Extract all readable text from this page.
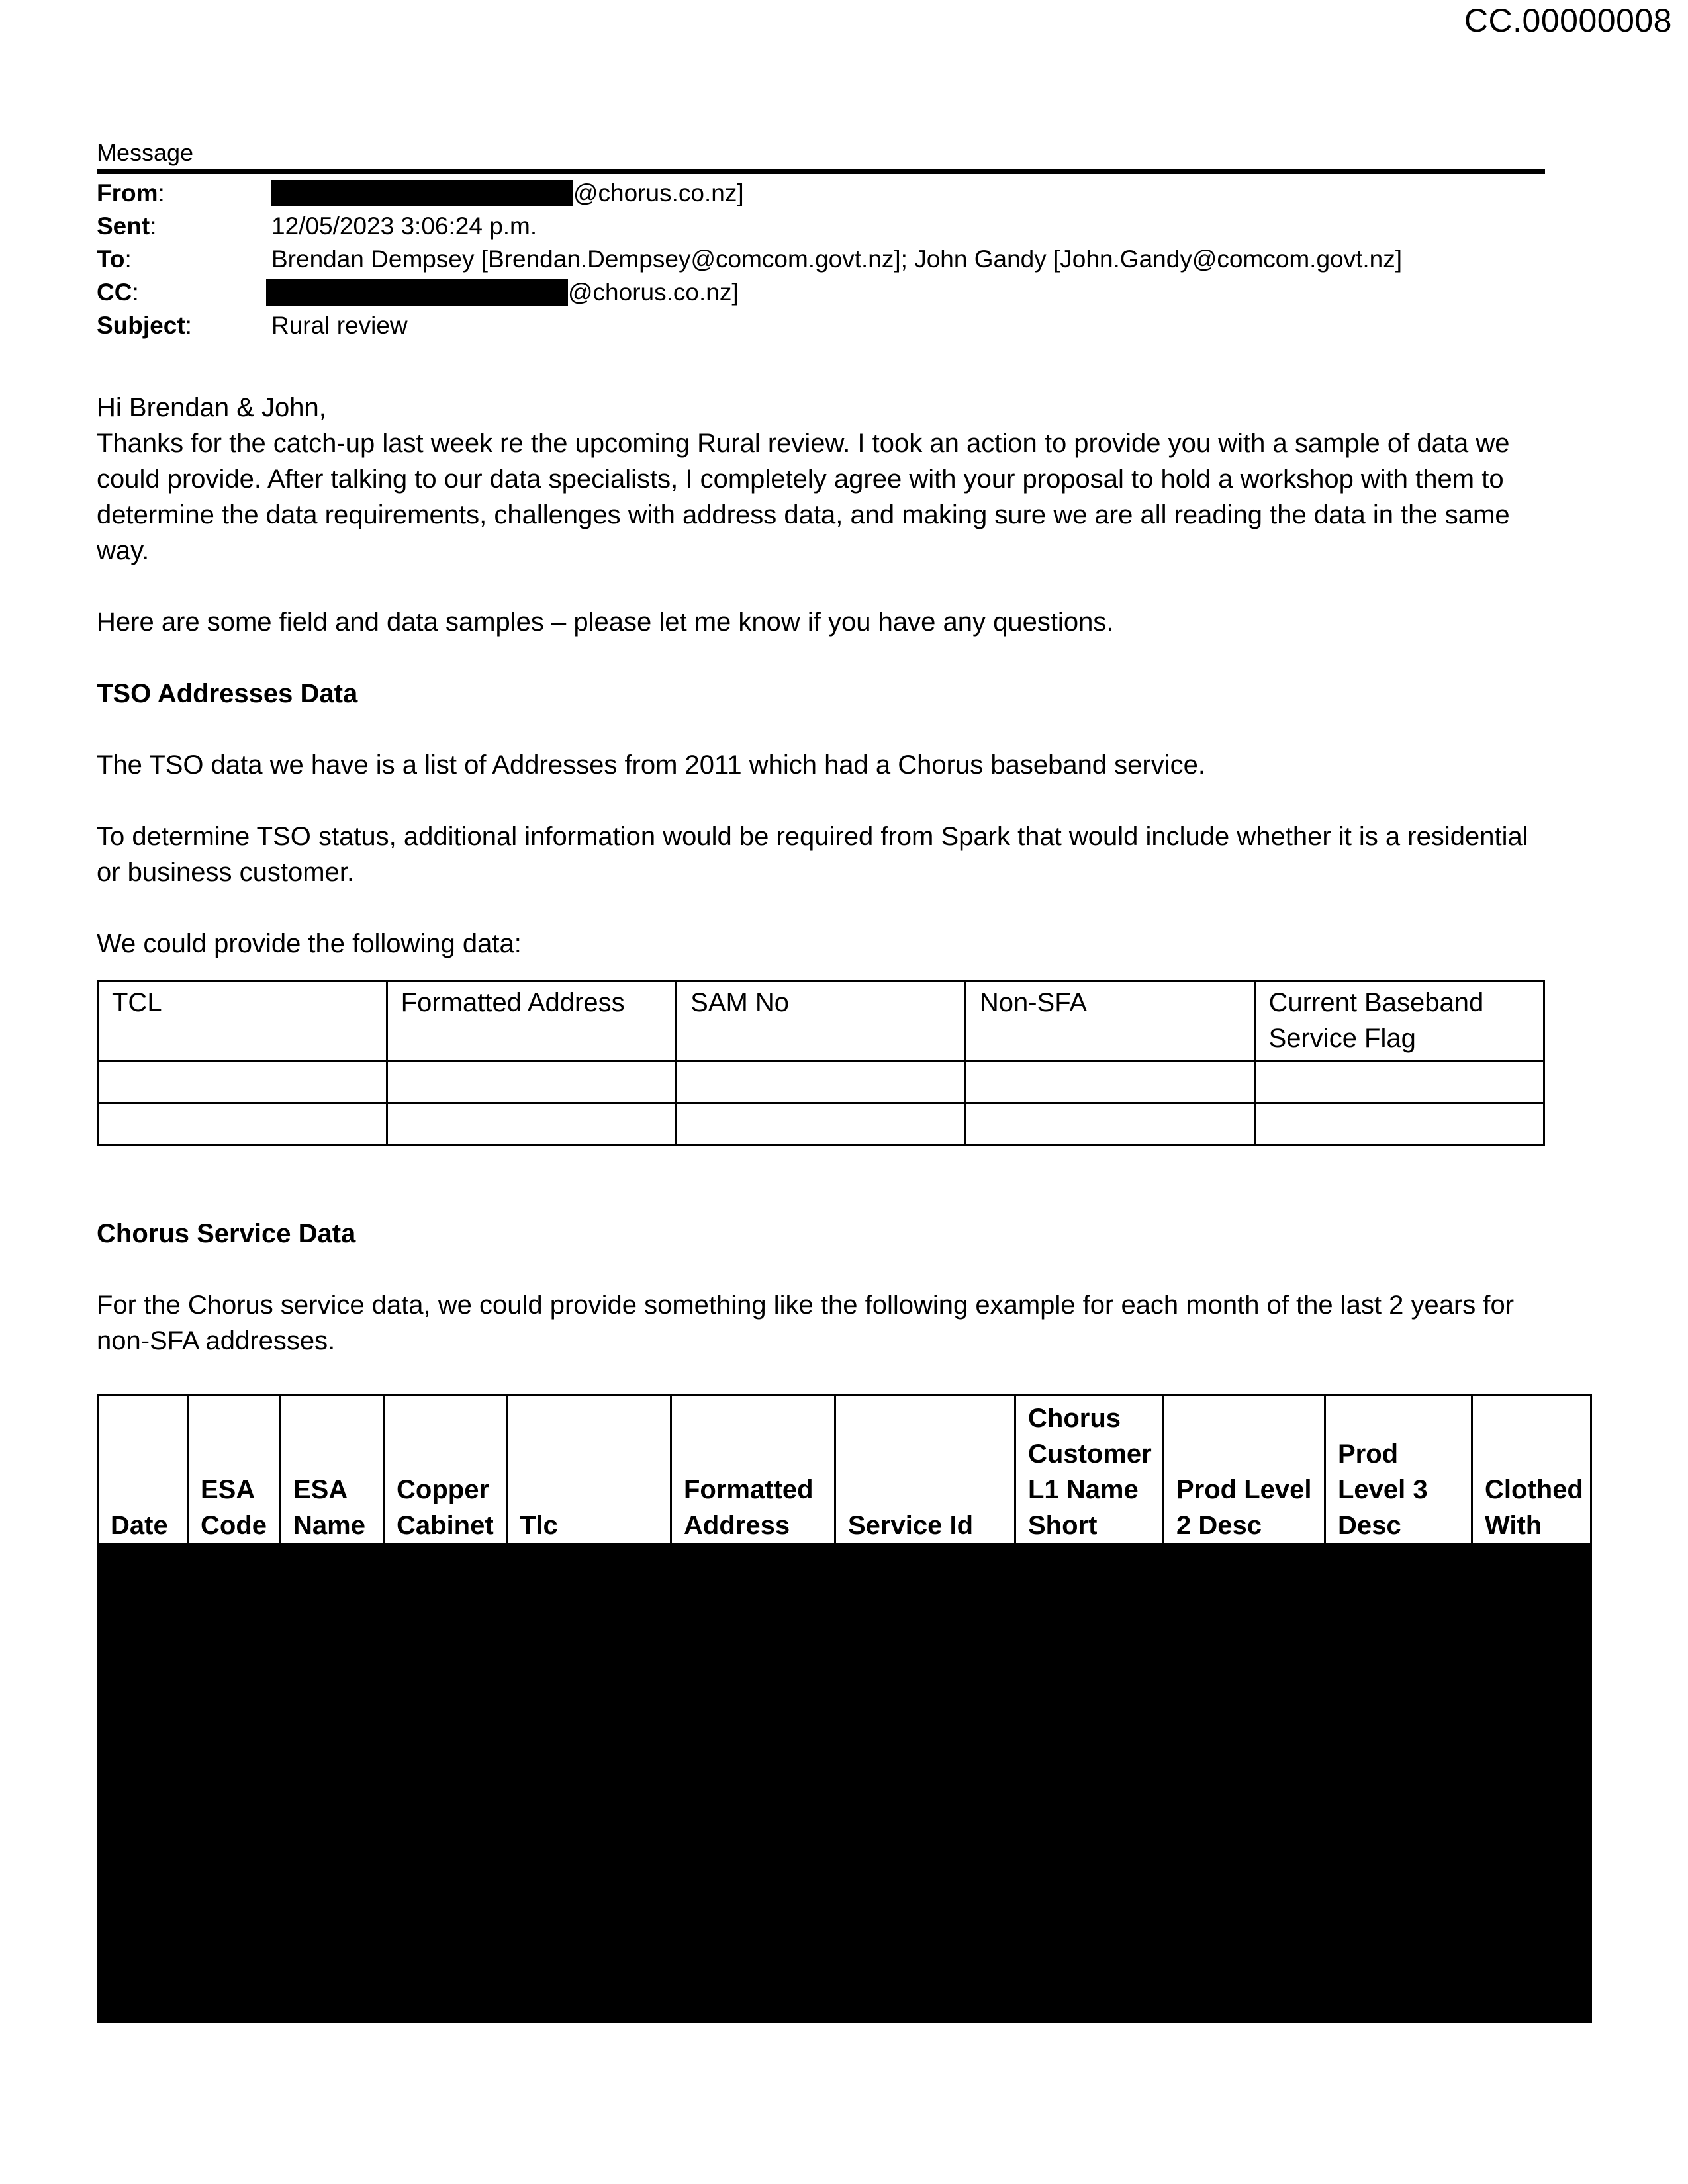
CC.00000008
Message
From:	@chorus.co.nz]
Sent:	12/05/2023 3:06:24 p.m.
To:	Brendan Dempsey [Brendan.Dempsey@comcom.govt.nz]; John Gandy [John.Gandy@comcom.govt.nz]
CC:	@chorus.co.nz]
Subject:	Rural review

Hi Brendan & John,

Thanks for the catch-up last week re the upcoming Rural review. I took an action to provide you with a sample of data we could provide. After talking to our data specialists, I completely agree with your proposal to hold a workshop with them to determine the data requirements, challenges with address data, and making sure we are all reading the data in the same way.

Here are some field and data samples – please let me know if you have any questions.

TSO Addresses Data

The TSO data we have is a list of Addresses from 2011 which had a Chorus baseband service.

To determine TSO status, additional information would be required from Spark that would include whether it is a residential or business customer.

We could provide the following data:

TCL	Formatted Address	SAM No	Non-SFA	Current Baseband Service Flag

Chorus Service Data

For the Chorus service data, we could provide something like the following example for each month of the last 2 years for non-SFA addresses.

Date	ESA Code	ESA Name	Copper Cabinet	Tlc	Formatted Address	Service Id	Chorus Customer L1 Name Short	Prod Level 2 Desc	Prod Level 3 Desc	Clothed With
